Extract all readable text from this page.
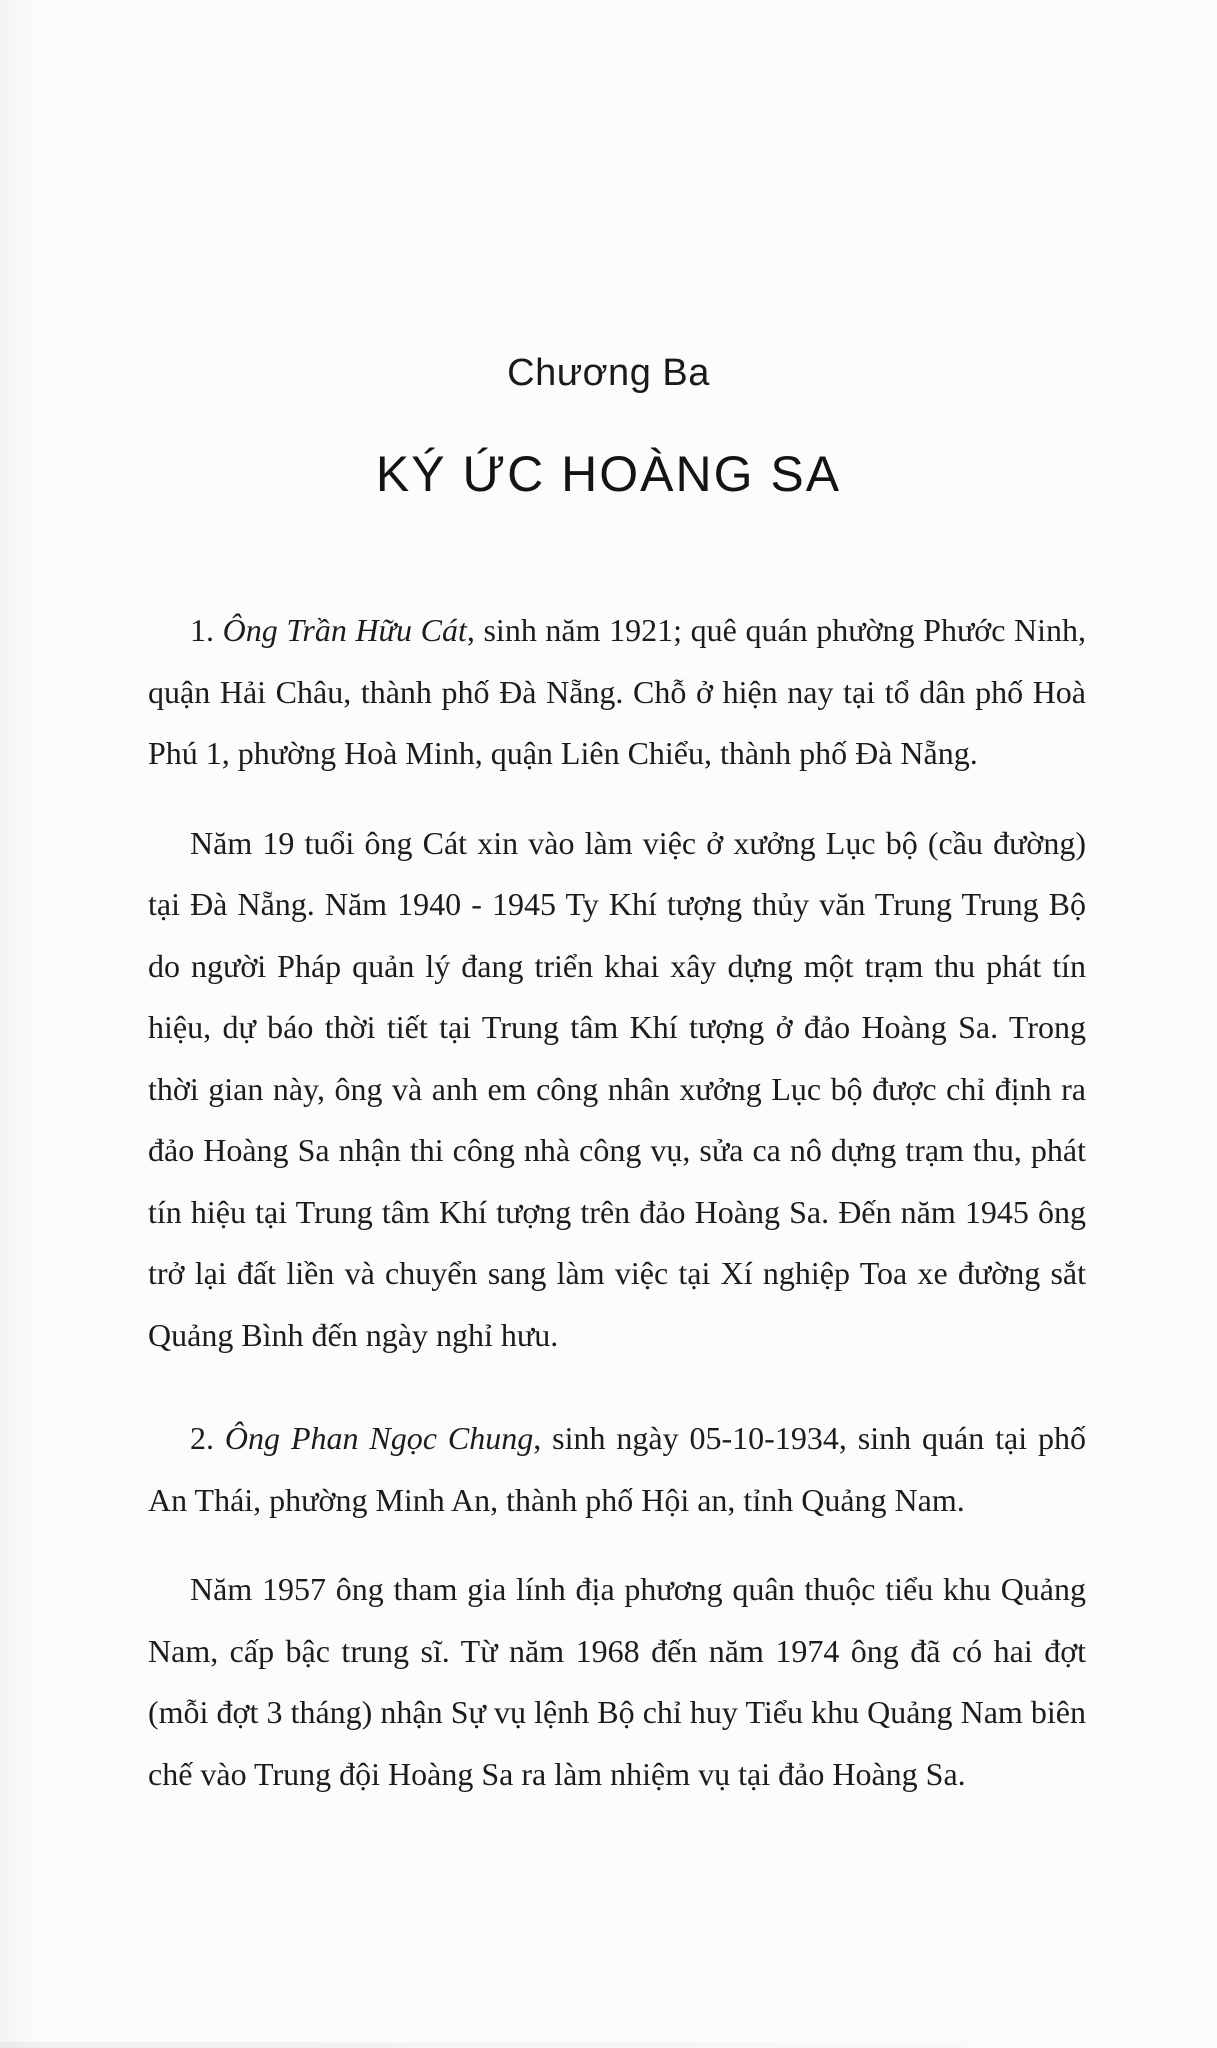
Chương Ba
KÝ ỨC HOÀNG SA

1. Ông Trần Hữu Cát, sinh năm 1921; quê quán phường Phước Ninh, quận Hải Châu, thành phố Đà Nẵng. Chỗ ở hiện nay tại tổ dân phố Hoà Phú 1, phường Hoà Minh, quận Liên Chiểu, thành phố Đà Nẵng.

Năm 19 tuổi ông Cát xin vào làm việc ở xưởng Lục bộ (cầu đường) tại Đà Nẵng. Năm 1940 - 1945 Ty Khí tượng thủy văn Trung Trung Bộ do người Pháp quản lý đang triển khai xây dựng một trạm thu phát tín hiệu, dự báo thời tiết tại Trung tâm Khí tượng ở đảo Hoàng Sa. Trong thời gian này, ông và anh em công nhân xưởng Lục bộ được chỉ định ra đảo Hoàng Sa nhận thi công nhà công vụ, sửa ca nô dựng trạm thu, phát tín hiệu tại Trung tâm Khí tượng trên đảo Hoàng Sa. Đến năm 1945 ông trở lại đất liền và chuyển sang làm việc tại Xí nghiệp Toa xe đường sắt Quảng Bình đến ngày nghỉ hưu.

2. Ông Phan Ngọc Chung, sinh ngày 05-10-1934, sinh quán tại phố An Thái, phường Minh An, thành phố Hội an, tỉnh Quảng Nam.

Năm 1957 ông tham gia lính địa phương quân thuộc tiểu khu Quảng Nam, cấp bậc trung sĩ. Từ năm 1968 đến năm 1974 ông đã có hai đợt (mỗi đợt 3 tháng) nhận Sự vụ lệnh Bộ chỉ huy Tiểu khu Quảng Nam biên chế vào Trung đội Hoàng Sa ra làm nhiệm vụ tại đảo Hoàng Sa.
